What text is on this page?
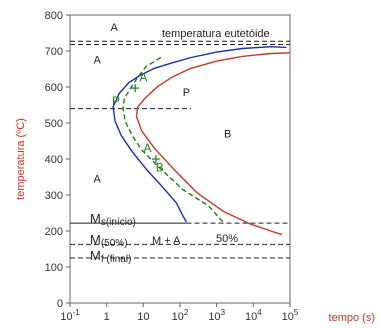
0
100
200
300
400
500
600
700
800
$10^{-1}$ 1 10 $10^2$ $10^3$ $10^4$ $10^5$	tempo (s)
temperatura (ºC)
temperatura eutetóide
A
A
A
P
B
A
P
A
B
Ms(início)
M(50%)
Mf (final)
M + A	50%
